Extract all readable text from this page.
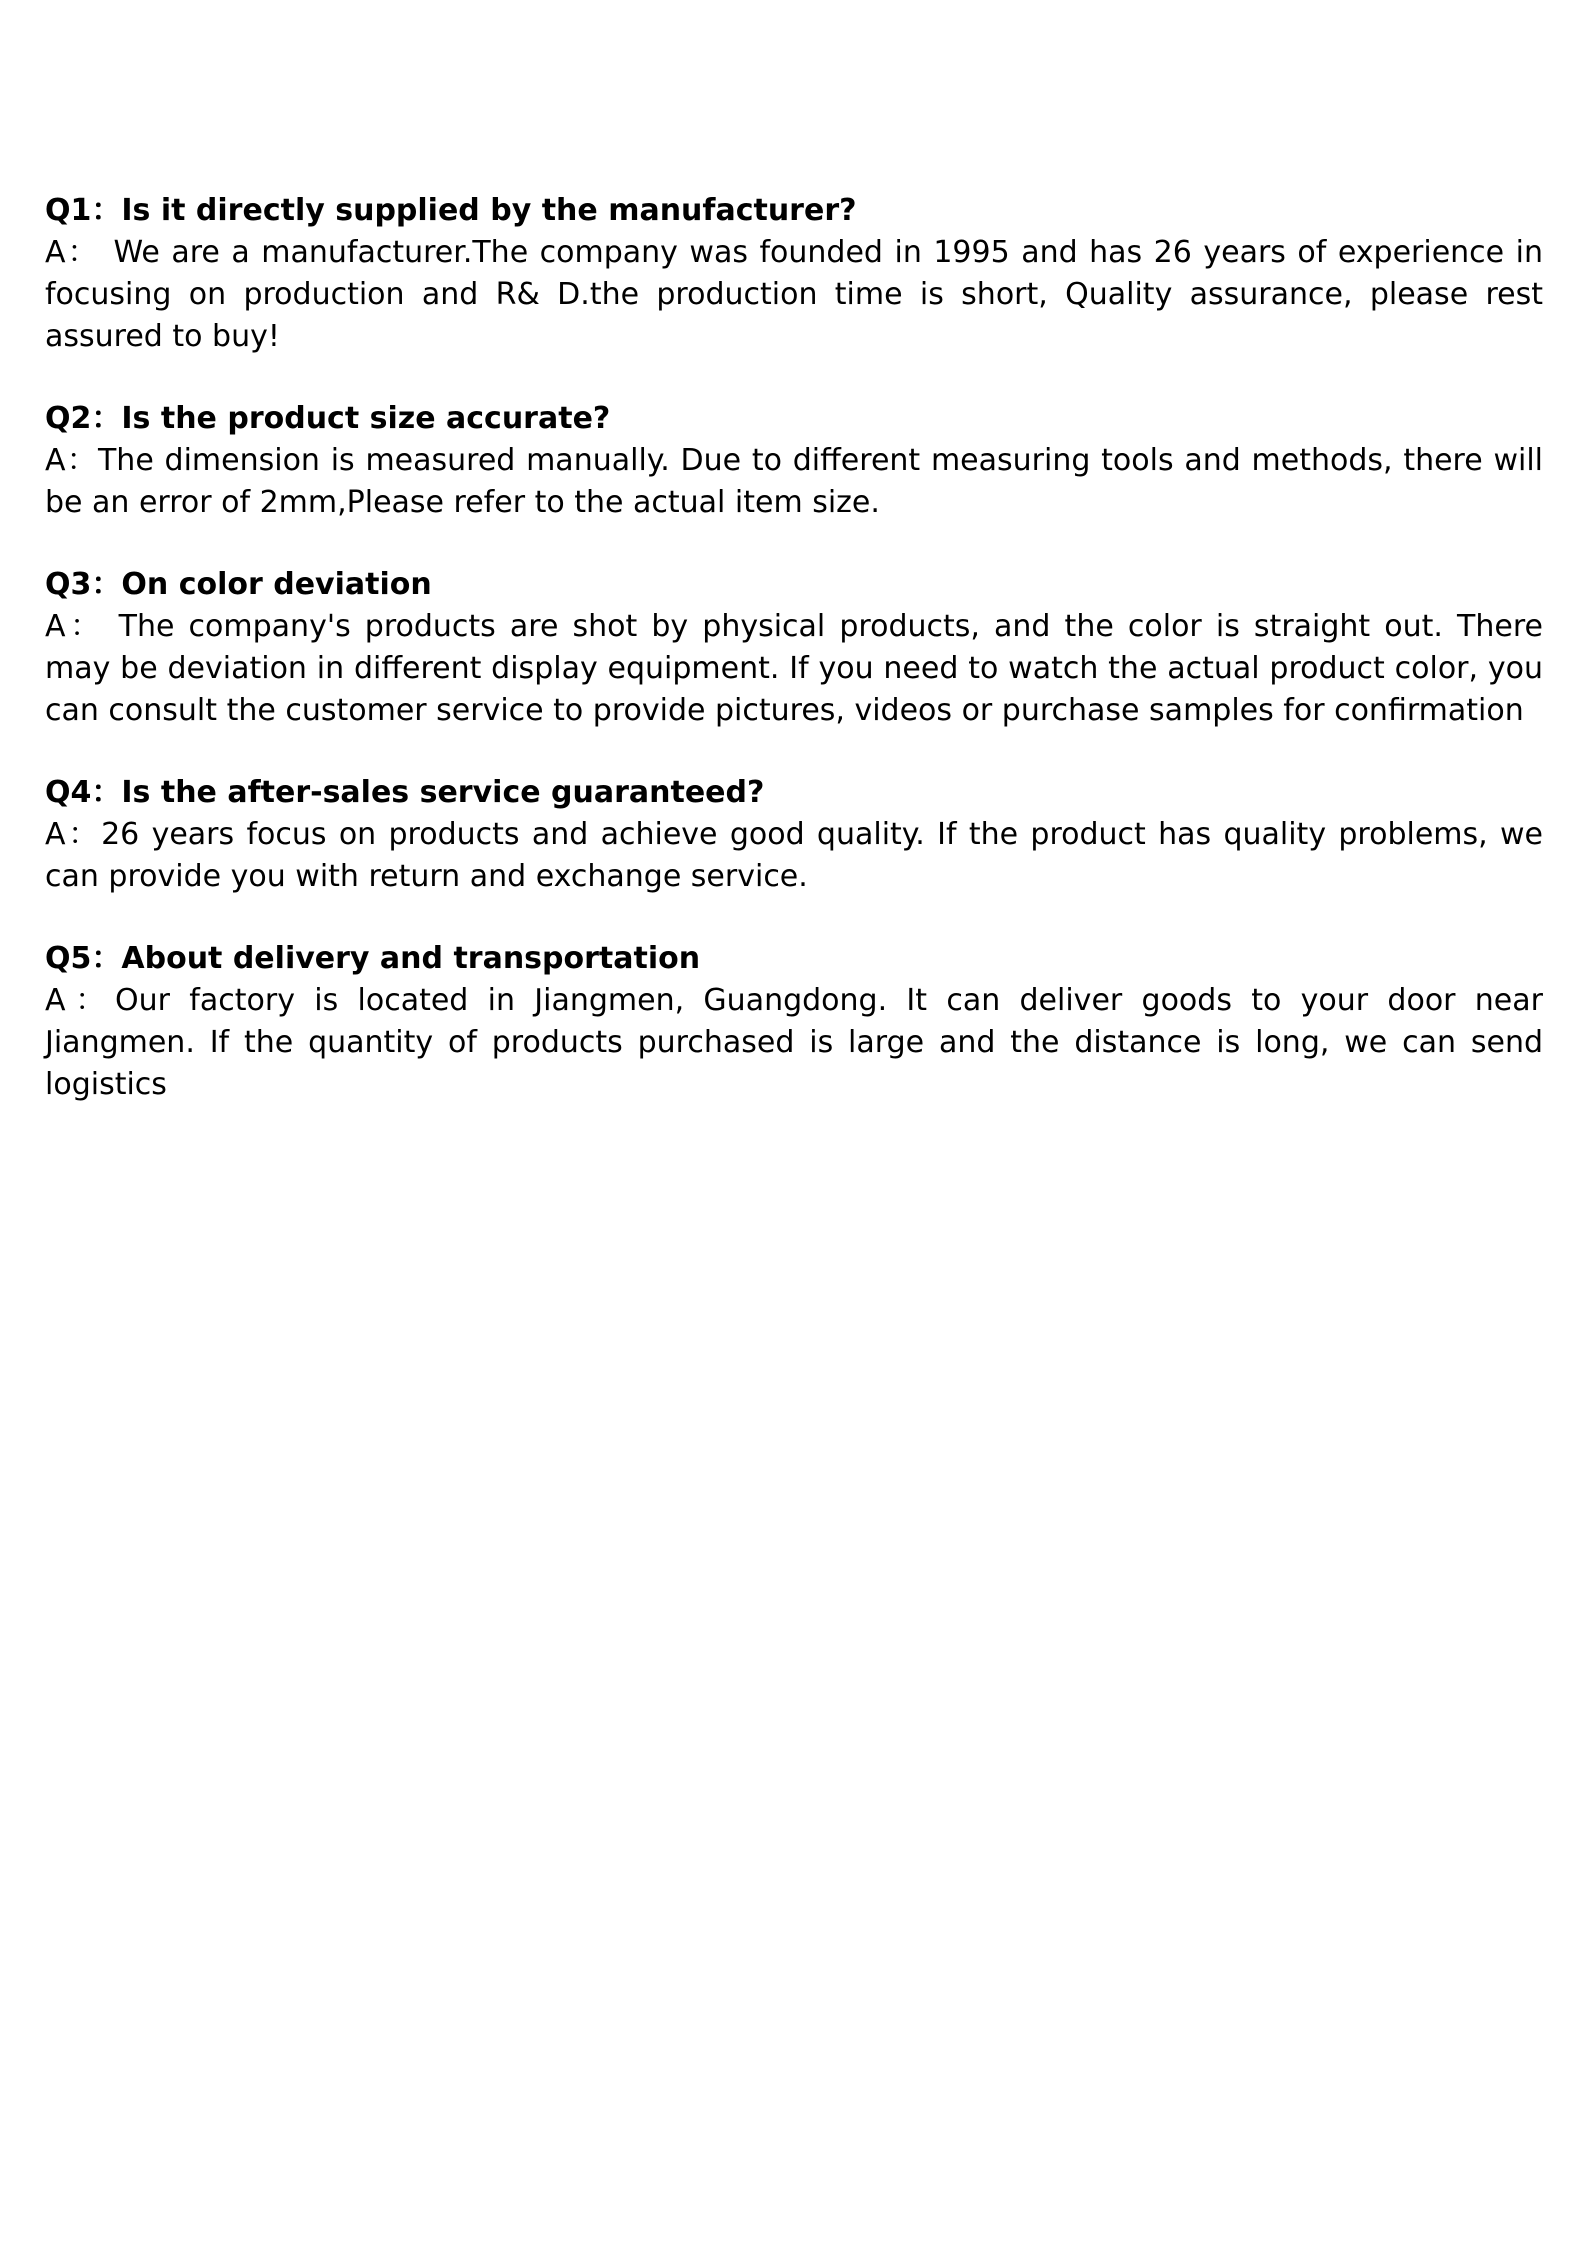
Q1：Is it directly supplied by the manufacturer?

A： We are a manufacturer.The company was founded in 1995 and has 26 years of experience in focusing on production and R& D.the production time is short, Quality assurance, please rest assured to buy!

Q2：Is the product size accurate?

A：The dimension is measured manually. Due to different measuring tools and methods, there will be an error of 2mm,Please refer to the actual item size.

Q3：On color deviation

A： The company's products are shot by physical products, and the color is straight out. There may be deviation in different display equipment. If you need to watch the actual product color, you can consult the customer service to provide pictures, videos or purchase samples for confirmation

Q4：Is the after-sales service guaranteed?

A：26 years focus on products and achieve good quality. If the product has quality problems, we can provide you with return and exchange service.

Q5：About delivery and transportation

A：Our factory is located in Jiangmen, Guangdong. It can deliver goods to your door near Jiangmen. If the quantity of products purchased is large and the distance is long, we can send logistics
